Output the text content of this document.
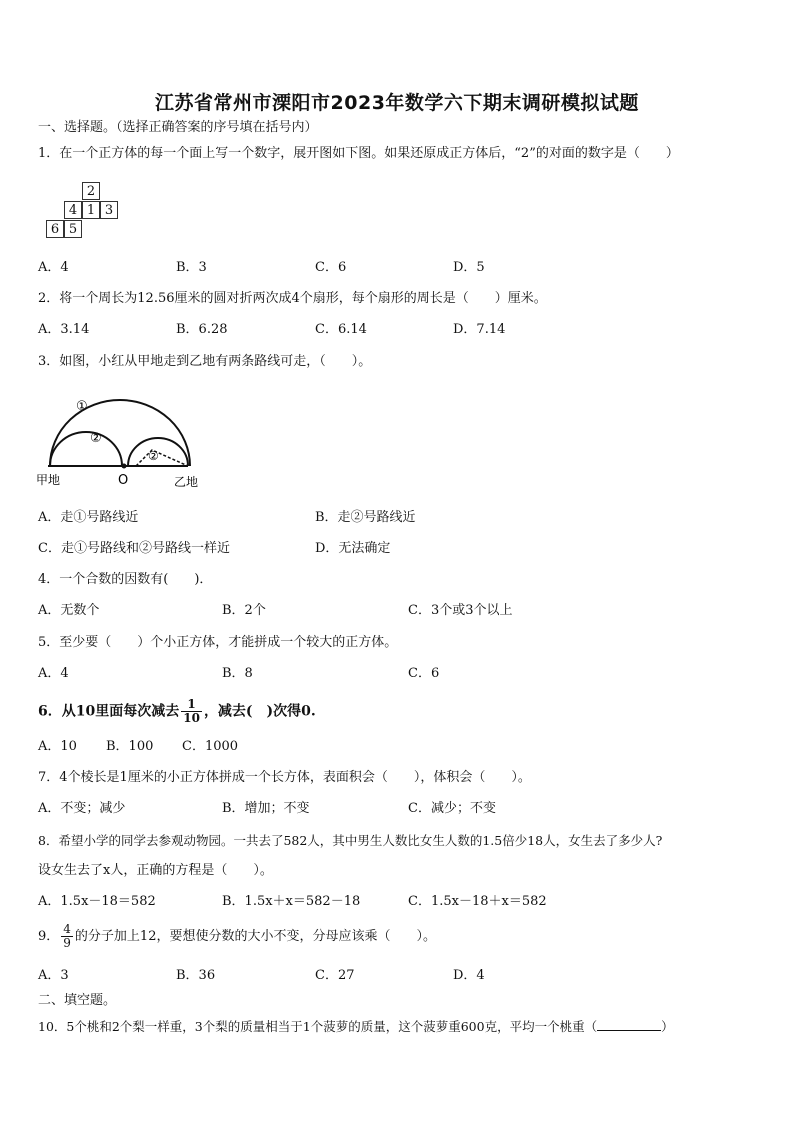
江苏省常州市溧阳市2023年数学六下期末调研模拟试题
一、选择题。（选择正确答案的序号填在括号内）
1．在一个正方体的每一个面上写一个数字，展开图如下图。如果还原成正方体后，“2”的对面的数字是（　　）
2
4 1 3
6 5
A．4	B．3	C．6	D．5
2．将一个周长为12.56厘米的圆对折两次成4个扇形，每个扇形的周长是（　　）厘米。
A．3.14	B．6.28	C．6.14	D．7.14
3．如图，小红从甲地走到乙地有两条路线可走，（　　）。
①
②
②
甲地	O	乙地
A．走①号路线近	B．走②号路线近
C．走①号路线和②号路线一样近	D．无法确定
4．一个合数的因数有(　　)．
A．无数个	B．2个	C．3个或3个以上
5．至少要（　　）个小正方体，才能拼成一个较大的正方体。
A．4	B．8	C．6
6．从10里面每次减去 $\frac{1}{10}$ ，减去(　)次得0.
A．10 B．100 C．1000
7．4个棱长是1厘米的小正方体拼成一个长方体，表面积会（　　），体积会（　　）。
A．不变；减少	B．增加；不变	C．减少；不变
8．希望小学的同学去参观动物园。一共去了582人，其中男生人数比女生人数的1.5倍少18人，女生去了多少人?
设女生去了x人，正确的方程是（　　）。
A．1.5x－18＝582	B．1.5x＋x＝582－18	C．1.5x－18＋x＝582
9． $\frac{4}{9}$ 的分子加上12，要想使分数的大小不变，分母应该乘（　　）。
A．3	B．36	C．27	D．4
二、填空题。
10．5个桃和2个梨一样重，3个梨的质量相当于1个菠萝的质量，这个菠萝重600克，平均一个桃重（	）
